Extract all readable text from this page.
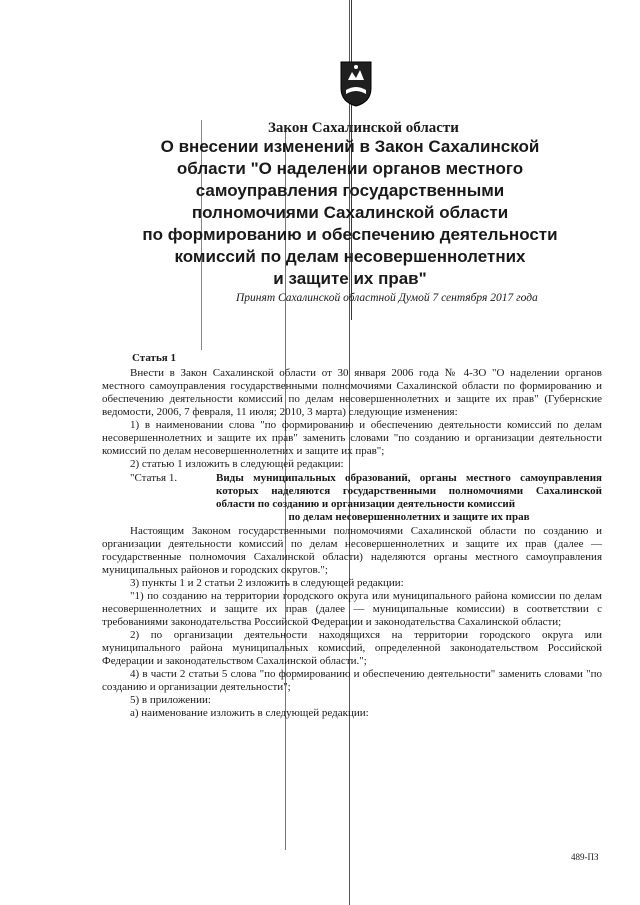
Закон Сахалинской области
О внесении изменений в Закон Сахалинской
области "О наделении органов местного
самоуправления государственными
полномочиями Сахалинской области
по формированию и обеспечению деятельности
комиссий по делам несовершеннолетних
и защите их прав"
Принят Сахалинской областной Думой 7 сентября 2017 года
Статья 1

Внести в Закон Сахалинской области от 30 января 2006 года № 4-ЗО "О наделении органов местного самоуправления государственными полномочиями Сахалинской области по формированию и обеспечению деятельности комиссий по делам несовершеннолетних и защите их прав" (Губернские ведомости, 2006, 7 февраля, 11 июля; 2010, 3 марта) следующие изменения:

1) в наименовании слова "по формированию и обеспечению деятельности комиссий по делам несовершеннолетних и защите их прав" заменить словами "по созданию и организации деятельности комиссий по делам несовершеннолетних и защите их прав";

2) статью 1 изложить в следующей редакции:

"Статья 1.	Виды муниципальных образований, органы местного самоуправления которых наделяются государственными полномочиями Сахалинской области по созданию и организации деятельности комиссий
по делам несовершеннолетних и защите их прав

Настоящим Законом государственными полномочиями Сахалинской области по созданию и организации деятельности комиссий по делам несовершеннолетних и защите их прав (далее — государственные полномочия Сахалинской области) наделяются органы местного самоуправления муниципальных районов и городских округов.";

3) пункты 1 и 2 статьи 2 изложить в следующей редакции:

"1) по созданию на территории городского округа или муниципального района комиссии по делам несовершеннолетних и защите их прав (далее — муниципальные комиссии) в соответствии с требованиями законодательства Российской Федерации и законодательства Сахалинской области;

2) по организации деятельности находящихся на территории городского округа или муниципального района муниципальных комиссий, определенной законодательством Российской Федерации и законодательством Сахалинской области.";

4) в части 2 статьи 5 слова "по формированию и обеспечению деятельности" заменить словами "по созданию и организации деятельности";

5) в приложении:

а) наименование изложить в следующей редакции:

489-ПЗ
